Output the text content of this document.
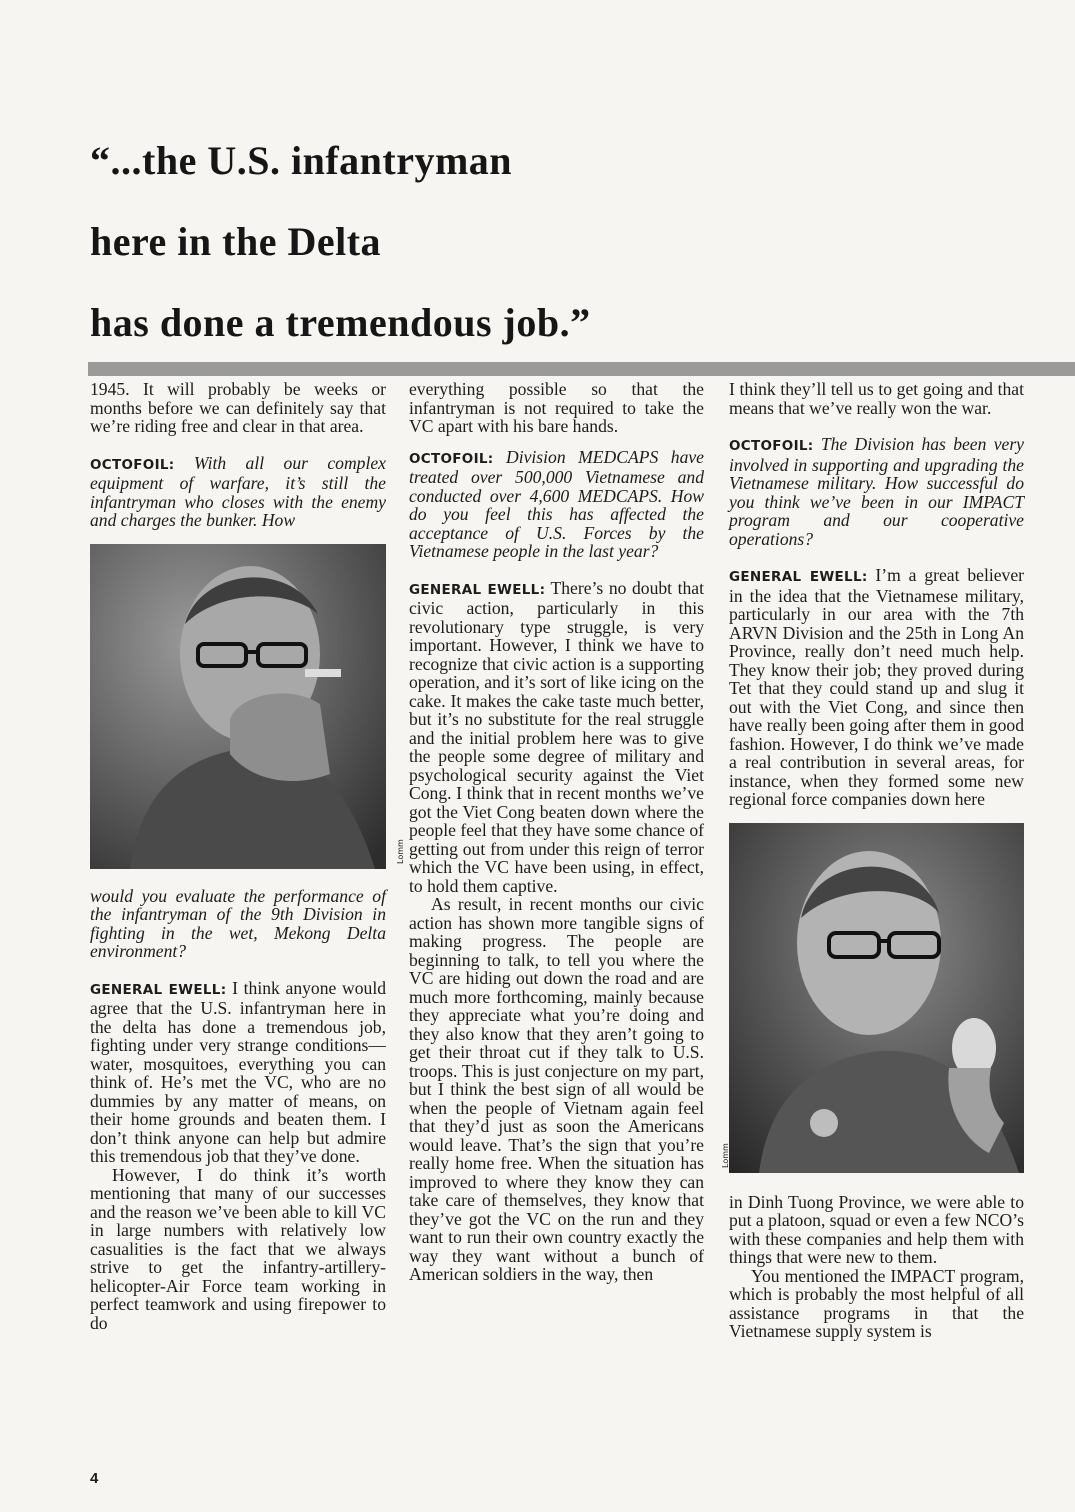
“...the U.S. infantryman
here in the Delta
has done a tremendous job.”

1945. It will probably be weeks or months before we can definitely say that we’re riding free and clear in that area.

OCTOFOIL: With all our complex equipment of warfare, it’s still the infantryman who closes with the enemy and charges the bunker. How

Lomm

would you evaluate the performance of the infantryman of the 9th Division in fighting in the wet, Mekong Delta environment?

GENERAL EWELL: I think anyone would agree that the U.S. infantryman here in the delta has done a tremendous job, fighting under very strange conditions—water, mosquitoes, everything you can think of. He’s met the VC, who are no dummies by any matter of means, on their home grounds and beaten them. I don’t think anyone can help but admire this tremendous job that they’ve done.

However, I do think it’s worth mentioning that many of our successes and the reason we’ve been able to kill VC in large numbers with relatively low casualities is the fact that we always strive to get the infantry-artillery-helicopter-Air Force team working in perfect teamwork and using firepower to do

everything possible so that the infantryman is not required to take the VC apart with his bare hands.

OCTOFOIL: Division MEDCAPS have treated over 500,000 Vietnamese and conducted over 4,600 MEDCAPS. How do you feel this has affected the acceptance of U.S. Forces by the Vietnamese people in the last year?

GENERAL EWELL: There’s no doubt that civic action, particularly in this revolutionary type struggle, is very important. However, I think we have to recognize that civic action is a supporting operation, and it’s sort of like icing on the cake. It makes the cake taste much better, but it’s no substitute for the real struggle and the initial problem here was to give the people some degree of military and psychological security against the Viet Cong. I think that in recent months we’ve got the Viet Cong beaten down where the people feel that they have some chance of getting out from under this reign of terror which the VC have been using, in effect, to hold them captive.

As result, in recent months our civic action has shown more tangible signs of making progress. The people are beginning to talk, to tell you where the VC are hiding out down the road and are much more forthcoming, mainly because they appreciate what you’re doing and they also know that they aren’t going to get their throat cut if they talk to U.S. troops. This is just conjecture on my part, but I think the best sign of all would be when the people of Vietnam again feel that they’d just as soon the Americans would leave. That’s the sign that you’re really home free. When the situation has improved to where they know they can take care of themselves, they know that they’ve got the VC on the run and they want to run their own country exactly the way they want without a bunch of American soldiers in the way, then

I think they’ll tell us to get going and that means that we’ve really won the war.

OCTOFOIL: The Division has been very involved in supporting and upgrading the Vietnamese military. How successful do you think we’ve been in our IMPACT program and our cooperative operations?

GENERAL EWELL: I’m a great believer in the idea that the Vietnamese military, particularly in our area with the 7th ARVN Division and the 25th in Long An Province, really don’t need much help. They know their job; they proved during Tet that they could stand up and slug it out with the Viet Cong, and since then have really been going after them in good fashion. However, I do think we’ve made a real contribution in several areas, for instance, when they formed some new regional force companies down here

Lomm

in Dinh Tuong Province, we were able to put a platoon, squad or even a few NCO’s with these companies and help them with things that were new to them.

You mentioned the IMPACT program, which is probably the most helpful of all assistance programs in that the Vietnamese supply system is

4
